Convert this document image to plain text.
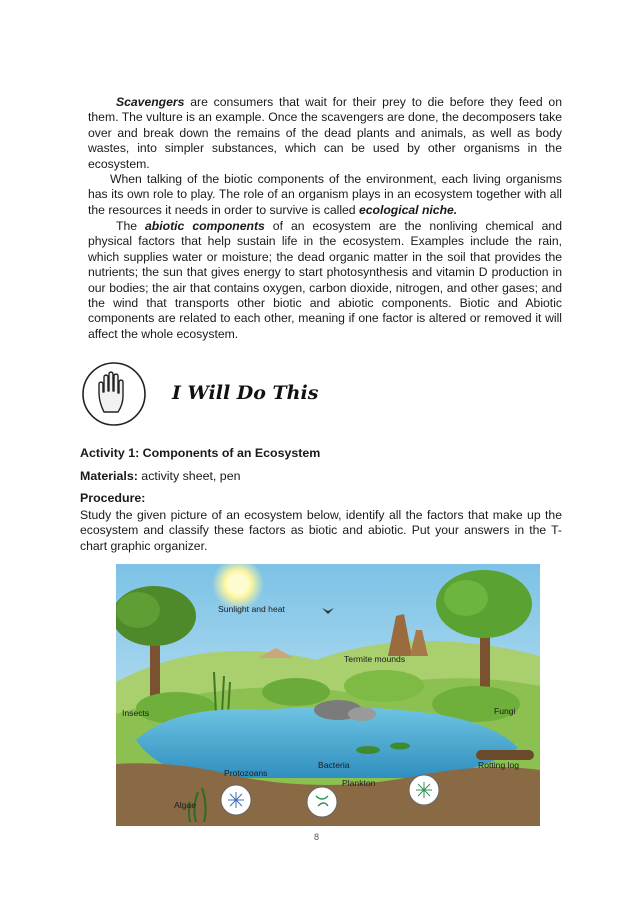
Scavengers are consumers that wait for their prey to die before they feed on them. The vulture is an example. Once the scavengers are done, the decomposers take over and break down the remains of the dead plants and animals, as well as body wastes, into simpler substances, which can be used by other organisms in the ecosystem.

When talking of the biotic components of the environment, each living organisms has its own role to play. The role of an organism plays in an ecosystem together with all the resources it needs in order to survive is called ecological niche.

The abiotic components of an ecosystem are the nonliving chemical and physical factors that help sustain life in the ecosystem. Examples include the rain, which supplies water or moisture; the dead organic matter in the soil that provides the nutrients; the sun that gives energy to start photosynthesis and vitamin D production in our bodies; the air that contains oxygen, carbon dioxide, nitrogen, and other gases; and the wind that transports other biotic and abiotic components. Biotic and Abiotic components are related to each other, meaning if one factor is altered or removed it will affect the whole ecosystem.

I Will Do This

Activity 1: Components of an Ecosystem

Materials: activity sheet, pen

Procedure:

Study the given picture of an ecosystem below, identify all the factors that make up the ecosystem and classify these factors as biotic and abiotic. Put your answers in the T-chart graphic organizer.

Sunlight and heat
Termite mounds
Insects	Fungi
Bacteria
Protozoans
Plankton
Algae
Rotting log
8
